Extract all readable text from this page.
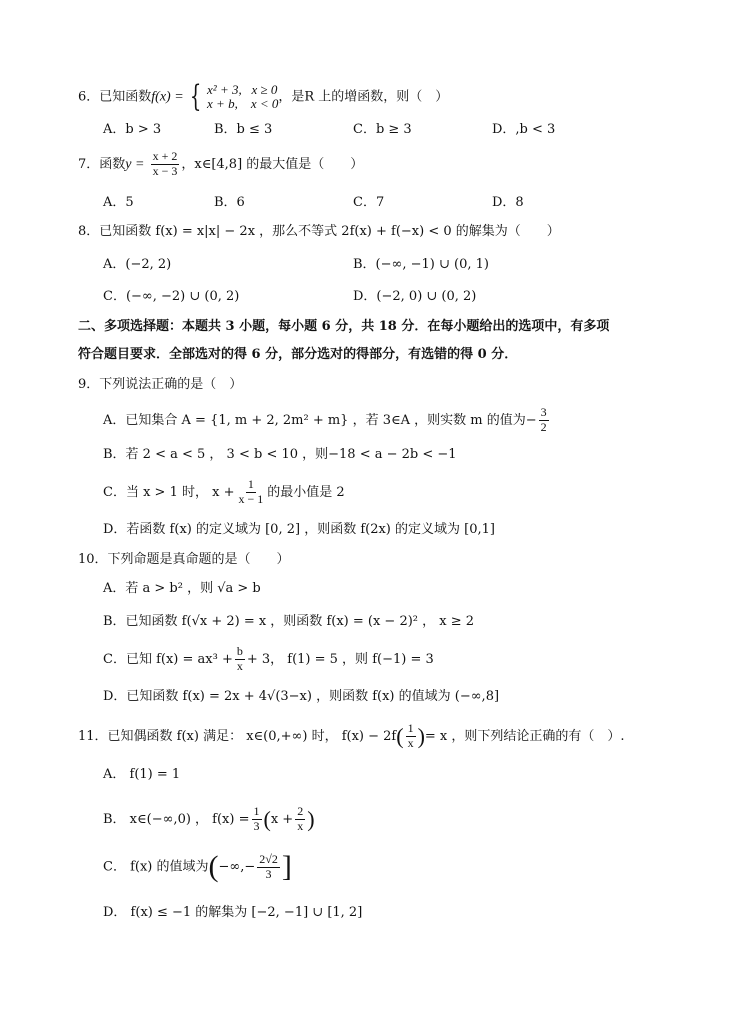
6．已知函数f(x) = { x² + 3, x ≥ 0
x + b, x < 0 ，是R 上的增函数，则（　）
A．b > 3	B．b ≤ 3	C．b ≥ 3	D．,b < 3
7．函数$y = \frac{x + 2}{x - 3}$ ，x∈[4,8] 的最大值是（　　）
A．5	B．6	C．7	D．8
8．已知函数 f(x) = x|x| − 2x ，那么不等式 2f(x) + f(−x) < 0 的解集为（　　）
A．(−2, 2)	B．(−∞, −1) ∪ (0, 1)
C．(−∞, −2) ∪ (0, 2)	D．(−2, 0) ∪ (0, 2)
二、多项选择题：本题共 3 小题，每小题 6 分，共 18 分．在每小题给出的选项中，有多项
符合题目要求．全部选对的得 6 分，部分选对的得部分，有选错的得 0 分．
9．下列说法正确的是（　）
A．已知集合 A = {1, m + 2, 2m² + m} ，若 3∈A ，则实数 m 的值为− $\frac{3}{2}$
B．若 2 < a < 5 ， 3 < b < 10 ，则−18 < a − 2b < −1
C．当 x > 1 时， $x + \frac{1}{x - 1}$ 的最小值是 2
D．若函数 f(x) 的定义域为 [0, 2] ，则函数 f(2x) 的定义域为 [0,1]
10．下列命题是真命题的是（　　）
A．若 a > b² ，则 √a > b
B．已知函数 f(√x + 2) = x ，则函数 f(x) = (x − 2)² ， x ≥ 2
C．已知 $f(x) = ax^3 + \frac{b}{x} + 3$， f(1) = 5 ，则 f(−1) = 3
D．已知函数 f(x) = 2x + 4√(3−x) ，则函数 f(x) 的值域为 (−∞,8]
11．已知偶函数 f(x) 满足： x∈(0,+∞) 时， $f(x) - 2f( \frac{1}{x}$ )= x ，则下列结论正确的有（　）.
A． f(1) = 1
B． x∈(−∞,0) ， $f(x) = \frac{1}{3} (x + \frac{2}{x}$ )
C． f(x) 的值域为(−∞,− $\frac{2√2}{3}$ ]
D． f(x) ≤ −1 的解集为 [−2, −1] ∪ [1, 2]
